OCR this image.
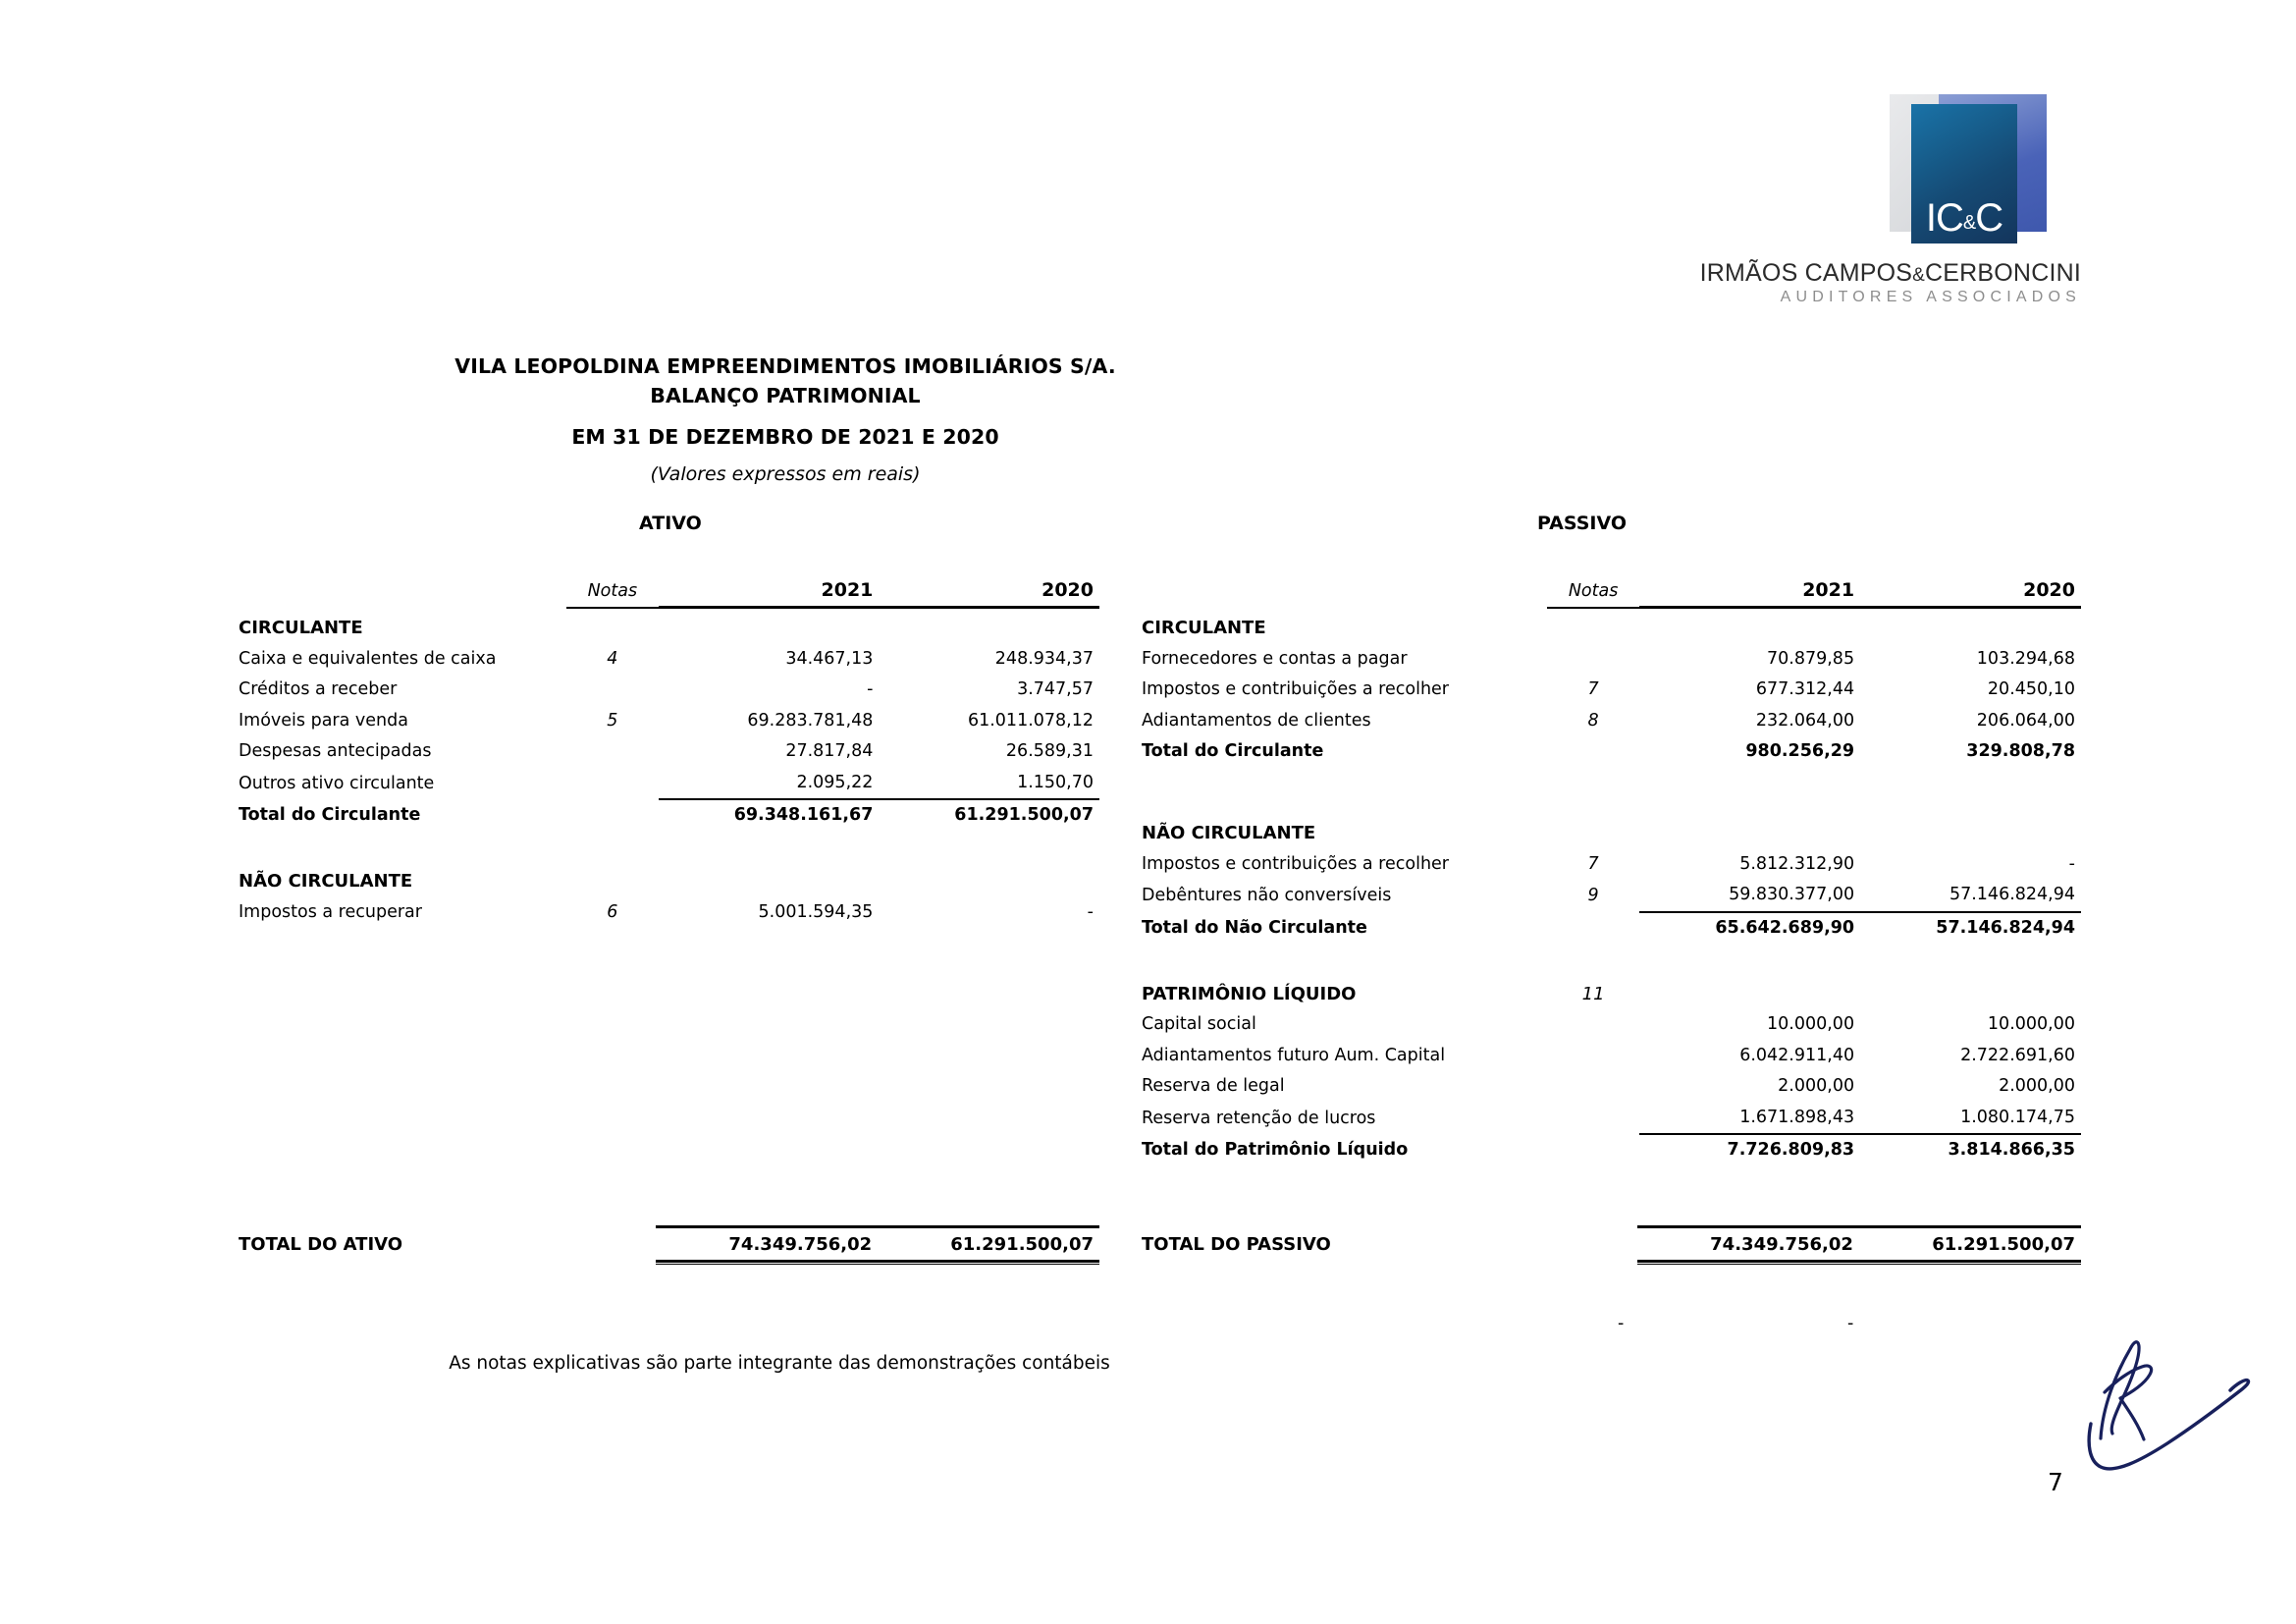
IC&C
IRMÃOS CAMPOS&CERBONCINI
AUDITORES ASSOCIADOS
VILA LEOPOLDINA EMPREENDIMENTOS IMOBILIÁRIOS S/A.
BALANÇO PATRIMONIAL
EM 31 DE DEZEMBRO DE 2021 E 2020
(Valores expressos em reais)
ATIVO	PASSIVO
	Notas	2021	2020
CIRCULANTE			
Caixa e equivalentes de caixa	4	34.467,13	248.934,37
Créditos a receber		-	3.747,57
Imóveis para venda	5	69.283.781,48	61.011.078,12
Despesas antecipadas		27.817,84	26.589,31
Outros ativo circulante		2.095,22	1.150,70
Total do Circulante		69.348.161,67	61.291.500,07

NÃO CIRCULANTE			
Impostos a recuperar	6	5.001.594,35	-
	Notas	2021	2020
CIRCULANTE			
Fornecedores e contas a pagar		70.879,85	103.294,68
Impostos e contribuições a recolher	7	677.312,44	20.450,10
Adiantamentos de clientes	8	232.064,00	206.064,00
Total do Circulante		980.256,29	329.808,78

NÃO CIRCULANTE			
Impostos e contribuições a recolher	7	5.812.312,90	-
Debêntures não conversíveis	9	59.830.377,00	57.146.824,94
Total do Não Circulante		65.642.689,90	57.146.824,94

PATRIMÔNIO LÍQUIDO	11		
Capital social		10.000,00	10.000,00
Adiantamentos futuro Aum. Capital		6.042.911,40	2.722.691,60
Reserva de legal		2.000,00	2.000,00
Reserva retenção de lucros		1.671.898,43	1.080.174,75
Total do Patrimônio Líquido		7.726.809,83	3.814.866,35
TOTAL DO ATIVO		74.349.756,02	61.291.500,07	TOTAL DO PASSIVO		74.349.756,02	61.291.500,07
-	-
As notas explicativas são parte integrante das demonstrações contábeis
7
